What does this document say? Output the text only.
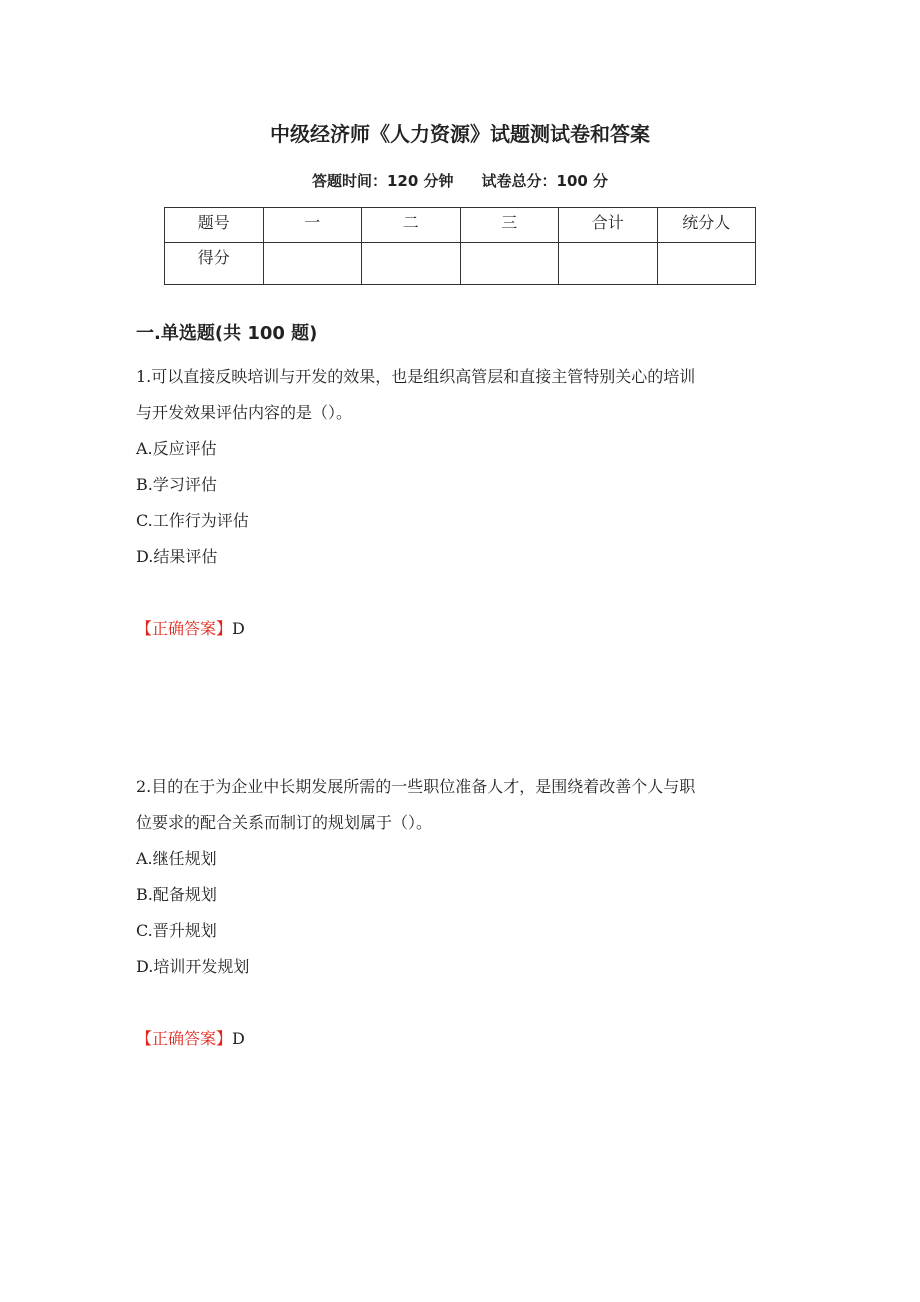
中级经济师《人力资源》试题测试卷和答案
答题时间：120 分钟 试卷总分：100 分
题号	一	二	三	合计	统分人
得分					
一.单选题(共 100 题)

1.可以直接反映培训与开发的效果，也是组织高管层和直接主管特别关心的培训

与开发效果评估内容的是（）。

A.反应评估

B.学习评估

C.工作行为评估

D.结果评估

【正确答案】D

2.目的在于为企业中长期发展所需的一些职位准备人才，是围绕着改善个人与职

位要求的配合关系而制订的规划属于（）。

A.继任规划

B.配备规划

C.晋升规划

D.培训开发规划

【正确答案】D
